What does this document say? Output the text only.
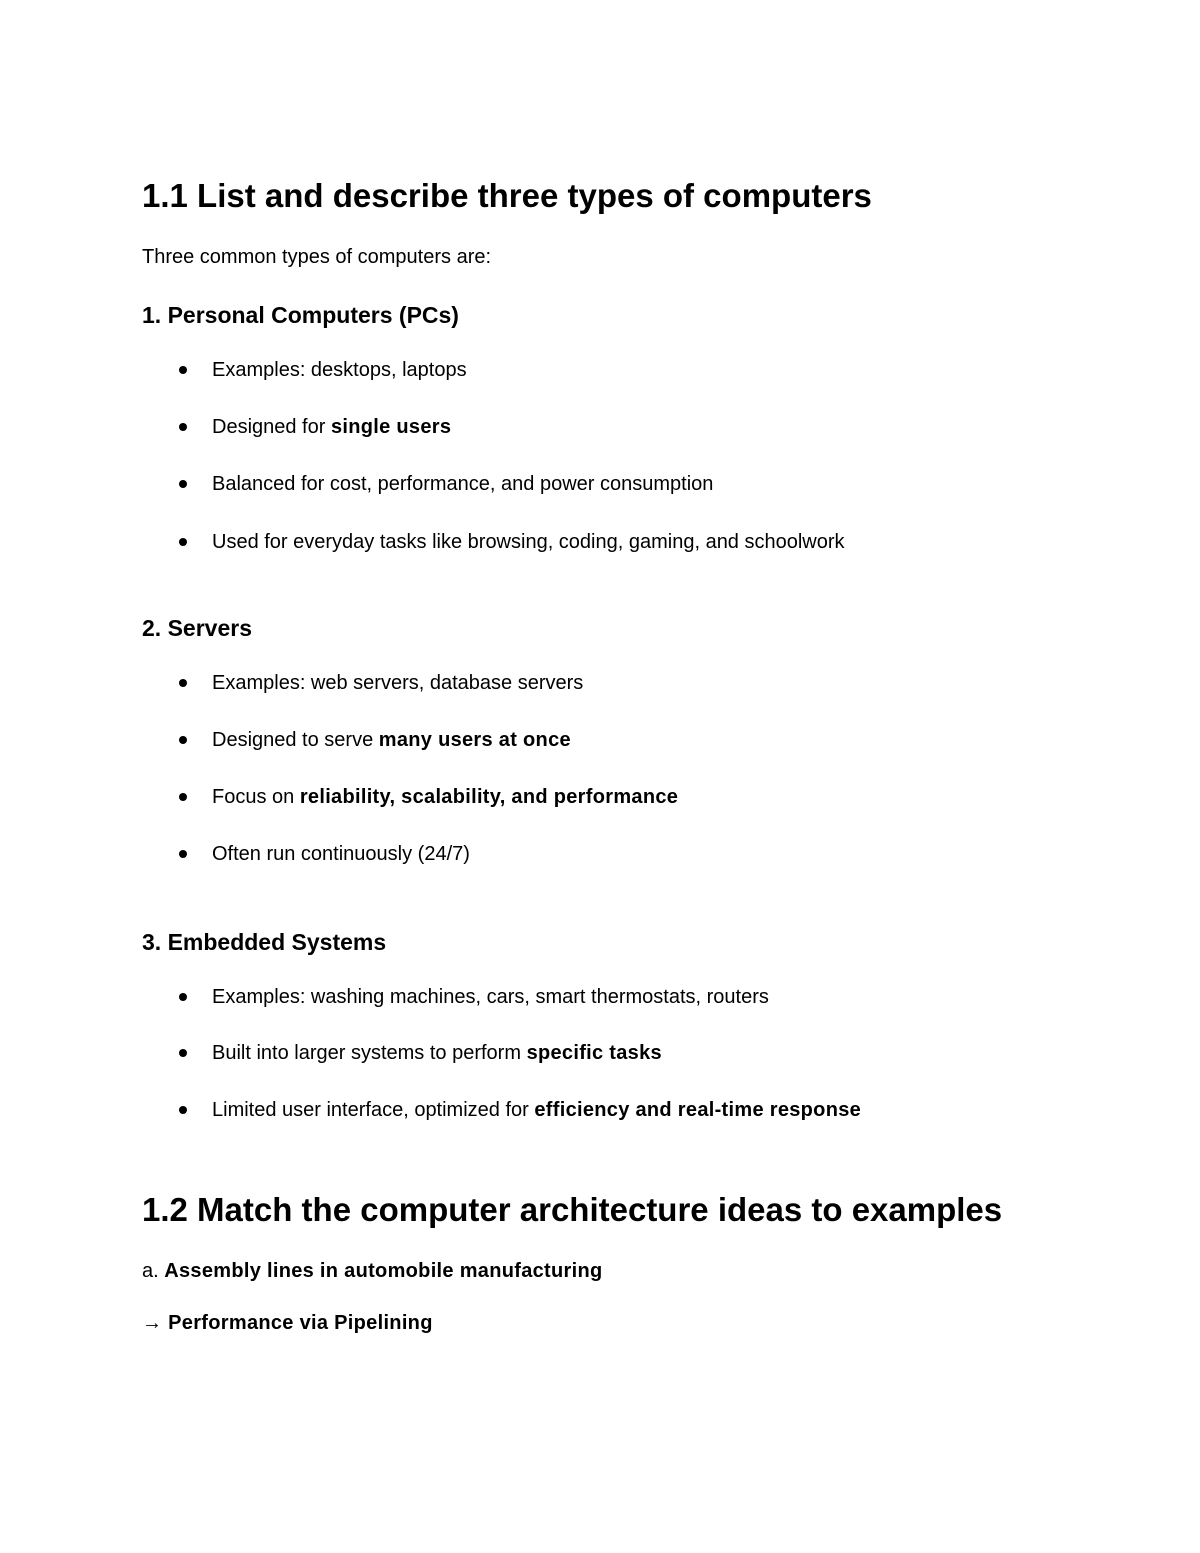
1.1 List and describe three types of computers
Three common types of computers are:
1. Personal Computers (PCs)
Examples: desktops, laptops
Designed for single users
Balanced for cost, performance, and power consumption
Used for everyday tasks like browsing, coding, gaming, and schoolwork
2. Servers
Examples: web servers, database servers
Designed to serve many users at once
Focus on reliability, scalability, and performance
Often run continuously (24/7)
3. Embedded Systems
Examples: washing machines, cars, smart thermostats, routers
Built into larger systems to perform specific tasks
Limited user interface, optimized for efficiency and real-time response
1.2 Match the computer architecture ideas to examples
a. Assembly lines in automobile manufacturing
→ Performance via Pipelining
